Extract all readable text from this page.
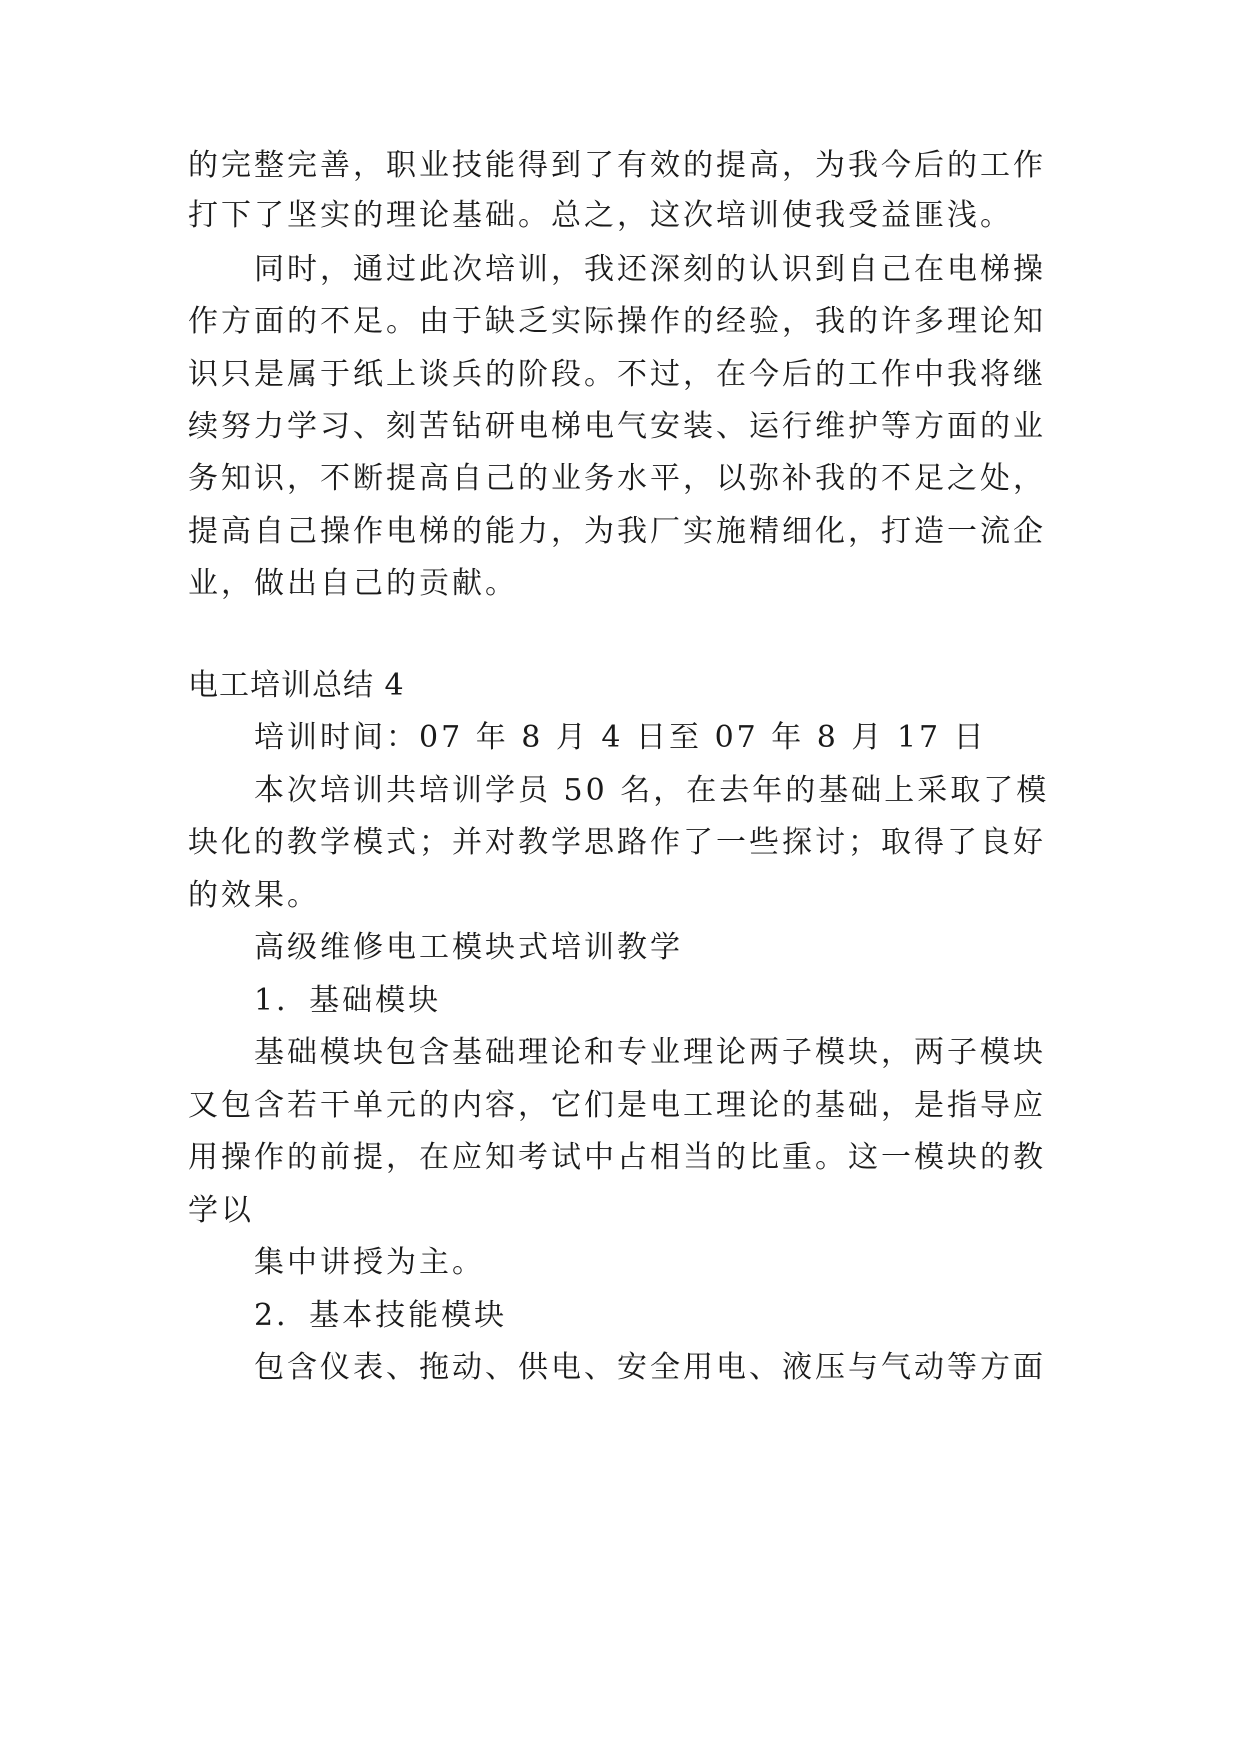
的完整完善，职业技能得到了有效的提高，为我今后的工作
打下了坚实的理论基础。总之，这次培训使我受益匪浅。
同时，通过此次培训，我还深刻的认识到自己在电梯操
作方面的不足。由于缺乏实际操作的经验，我的许多理论知
识只是属于纸上谈兵的阶段。不过，在今后的工作中我将继
续努力学习、刻苦钻研电梯电气安装、运行维护等方面的业
务知识，不断提高自己的业务水平，以弥补我的不足之处，
提高自己操作电梯的能力，为我厂实施精细化，打造一流企
业，做出自己的贡献。
电工培训总结 4
培训时间：07 年 8 月 4 日至 07 年 8 月 17 日
本次培训共培训学员 50 名，在去年的基础上采取了模
块化的教学模式；并对教学思路作了一些探讨；取得了良好
的效果。
高级维修电工模块式培训教学
1．基础模块
基础模块包含基础理论和专业理论两子模块，两子模块
又包含若干单元的内容，它们是电工理论的基础，是指导应
用操作的前提，在应知考试中占相当的比重。这一模块的教
学以
集中讲授为主。
2．基本技能模块
包含仪表、拖动、供电、安全用电、液压与气动等方面
